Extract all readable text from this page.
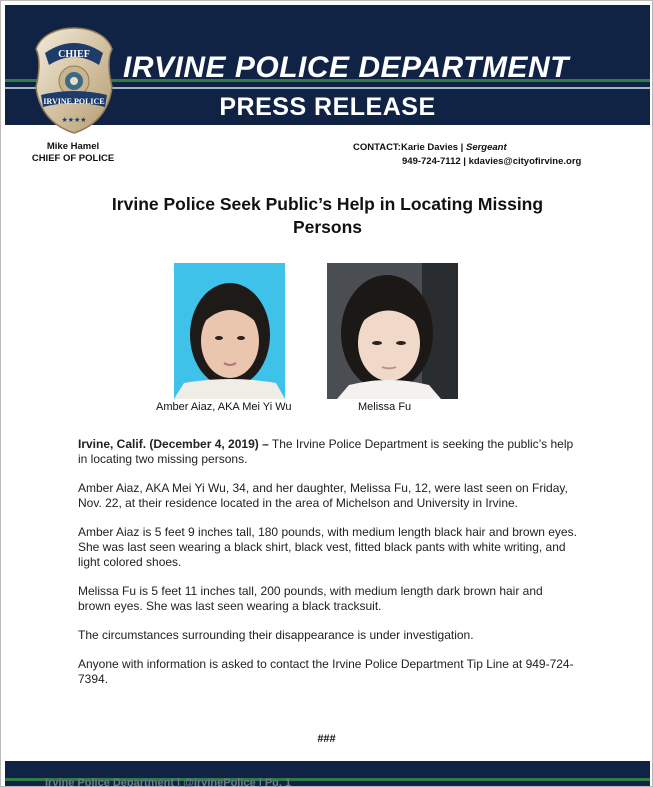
IRVINE POLICE DEPARTMENT
PRESS RELEASE
CHIEF
IRVINE POLICE
★★★★
Mike Hamel
CHIEF OF POLICE
CONTACT:Karie Davies | Sergeant
949-724-7112 | kdavies@cityofirvine.org
Irvine Police Seek Public’s Help in Locating Missing Persons
Amber Aiaz, AKA Mei Yi Wu	Melissa Fu

Irvine, Calif. (December 4, 2019) – The Irvine Police Department is seeking the public’s help in locating two missing persons.

Amber Aiaz, AKA Mei Yi Wu, 34, and her daughter, Melissa Fu, 12, were last seen on Friday, Nov. 22, at their residence located in the area of Michelson and University in Irvine.

Amber Aiaz is 5 feet 9 inches tall, 180 pounds, with medium length black hair and brown eyes. She was last seen wearing a black shirt, black vest, fitted black pants with white writing, and light colored shoes.

Melissa Fu is 5 feet 11 inches tall, 200 pounds, with medium length dark brown hair and brown eyes. She was last seen wearing a black tracksuit.

The circumstances surrounding their disappearance is under investigation.

Anyone with information is asked to contact the Irvine Police Department Tip Line at 949-724-7394.

###
Irvine Police Department | @IrvinePolice | Pg. 1
